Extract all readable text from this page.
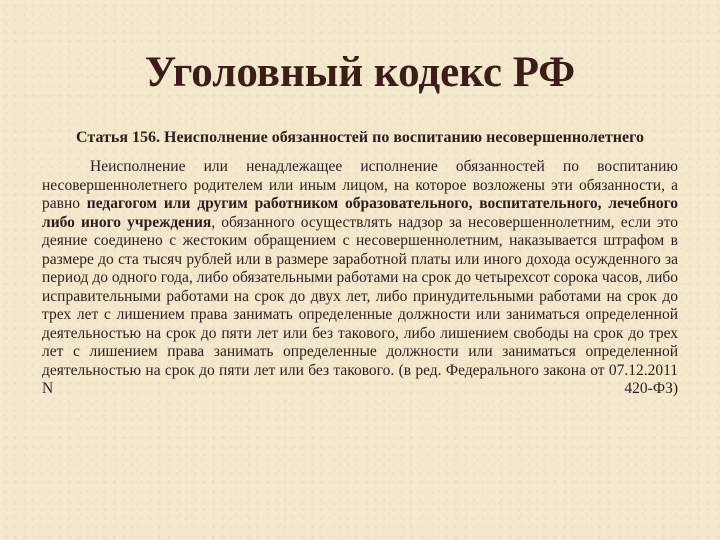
Уголовный кодекс РФ

Статья 156. Неисполнение обязанностей по воспитанию несовершеннолетнего

Неисполнение или ненадлежащее исполнение обязанностей по воспитанию несовершеннолетнего родителем или иным лицом, на которое возложены эти обязанности, а равно педагогом или другим работником образовательного, воспитательного, лечебного либо иного учреждения, обязанного осуществлять надзор за несовершеннолетним, если это деяние соединено с жестоким обращением с несовершеннолетним, наказывается штрафом в размере до ста тысяч рублей или в размере заработной платы или иного дохода осужденного за период до одного года, либо обязательными работами на срок до четырехсот сорока часов, либо исправительными работами на срок до двух лет, либо принудительными работами на срок до трех лет с лишением права занимать определенные должности или заниматься определенной деятельностью на срок до пяти лет или без такового, либо лишением свободы на срок до трех лет с лишением права занимать определенные должности или заниматься определенной деятельностью на срок до пяти лет или без такового. (в ред. Федерального закона от 07.12.2011 N 420-ФЗ)
